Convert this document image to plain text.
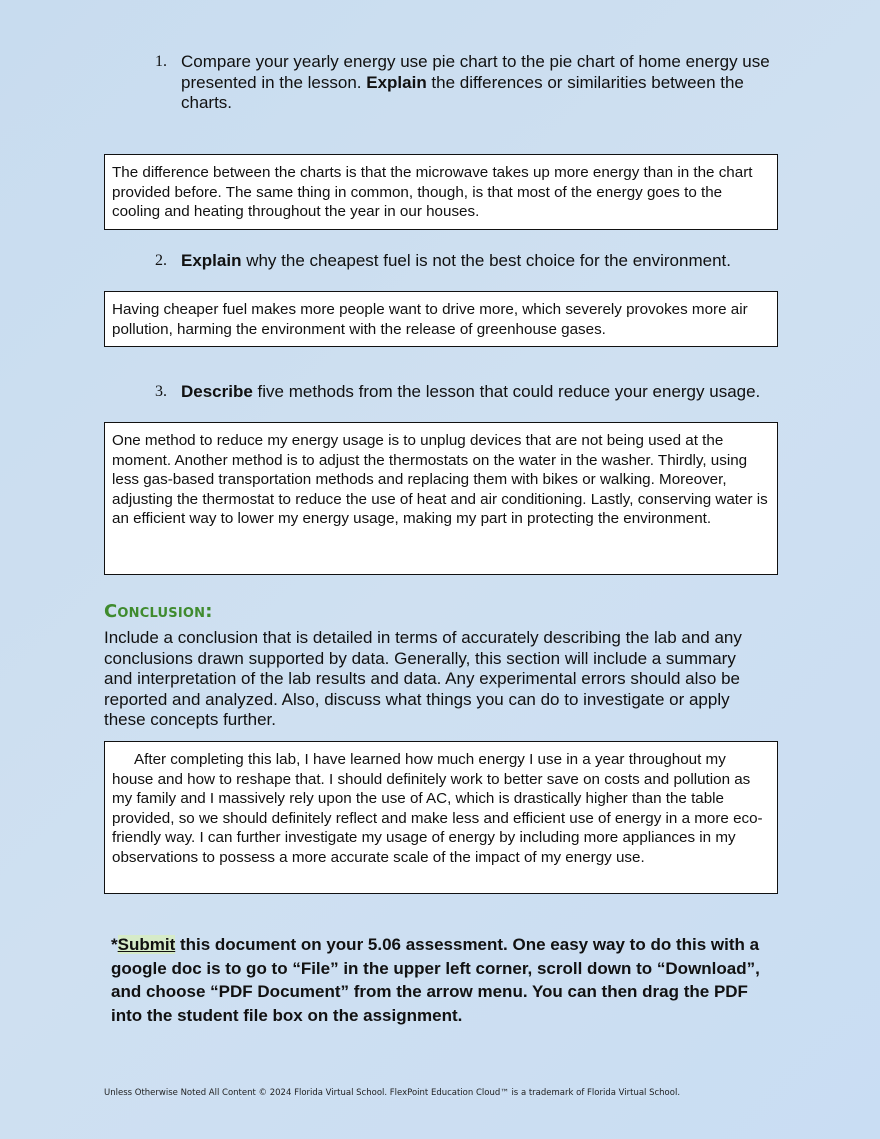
1. Compare your yearly energy use pie chart to the pie chart of home energy use presented in the lesson. Explain the differences or similarities between the charts.
The difference between the charts is that the microwave takes up more energy than in the chart provided before. The same thing in common, though, is that most of the energy goes to the cooling and heating throughout the year in our houses.
2. Explain why the cheapest fuel is not the best choice for the environment.
Having cheaper fuel makes more people want to drive more, which severely provokes more air pollution, harming the environment with the release of greenhouse gases.
3. Describe five methods from the lesson that could reduce your energy usage.
One method to reduce my energy usage is to unplug devices that are not being used at the moment. Another method is to adjust the thermostats on the water in the washer. Thirdly, using less gas-based transportation methods and replacing them with bikes or walking. Moreover, adjusting the thermostat to reduce the use of heat and air conditioning. Lastly, conserving water is an efficient way to lower my energy usage, making my part in protecting the environment.
Conclusion:
Include a conclusion that is detailed in terms of accurately describing the lab and any conclusions drawn supported by data. Generally, this section will include a summary and interpretation of the lab results and data. Any experimental errors should also be reported and analyzed. Also, discuss what things you can do to investigate or apply these concepts further.
After completing this lab, I have learned how much energy I use in a year throughout my house and how to reshape that. I should definitely work to better save on costs and pollution as my family and I massively rely upon the use of AC, which is drastically higher than the table provided, so we should definitely reflect and make less and efficient use of energy in a more eco-friendly way. I can further investigate my usage of energy by including more appliances in my observations to possess a more accurate scale of the impact of my energy use.
*Submit this document on your 5.06 assessment. One easy way to do this with a google doc is to go to “File” in the upper left corner, scroll down to “Download”, and choose “PDF Document” from the arrow menu. You can then drag the PDF into the student file box on the assignment.
Unless Otherwise Noted All Content © 2024 Florida Virtual School. FlexPoint Education Cloud™ is a trademark of Florida Virtual School.
